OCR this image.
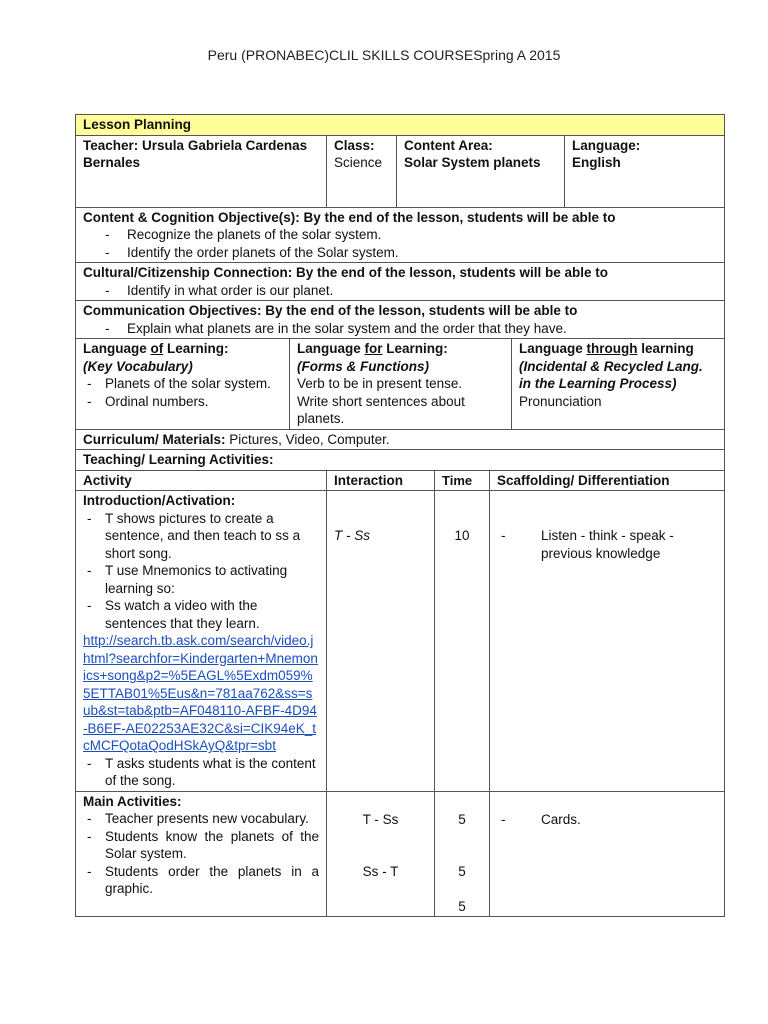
Peru (PRONABEC)CLIL SKILLS COURSESpring A 2015
Lesson Planning
Teacher: Ursula Gabriela Cardenas Bernales
Class:
Science
Content Area:
Solar System planets
Language:
English
Content & Cognition Objective(s): By the end of the lesson, students will be able to
- Recognize the planets of the solar system.
- Identify the order planets of the Solar system.
Cultural/Citizenship Connection: By the end of the lesson, students will be able to
- Identify in what order is our planet.
Communication Objectives: By the end of the lesson, students will be able to
- Explain what planets are in the solar system and the order that they have.
Language of Learning:
(Key Vocabulary)
- Planets of the solar system.
- Ordinal numbers.
Language for Learning:
(Forms & Functions)
Verb to be in present tense.
Write short sentences about planets.
Language through learning
(Incidental & Recycled Lang. in the Learning Process)
Pronunciation
Curriculum/ Materials: Pictures, Video, Computer.
Teaching/ Learning Activities:
Activity	Interaction	Time	Scaffolding/ Differentiation
Introduction/Activation:
- T shows pictures to create a sentence, and then teach to ss a short song.
- T use Mnemonics to activating learning so:
- Ss watch a video with the sentences that they learn.
http://search.tb.ask.com/search/video.jhtml?searchfor=Kindergarten+Mnemonics+song&p2=%5EAGL%5Exdm059%5ETTAB01%5Eus&n=781aa762&ss=sub&st=tab&ptb=AF048110-AFBF-4D94-B6EF-AE02253AE32C&si=CIK94eK_tcMCFQotaQodHSkAyQ&tpr=sbt
- T asks students what is the content of the song.
T - Ss	10
-	Listen - think - speak - previous knowledge
Main Activities:
- Teacher presents new vocabulary.
- Students know the planets of the Solar system.
- Students order the planets in a graphic.
T - Ss
Ss - T
5
5
5
- Cards.
